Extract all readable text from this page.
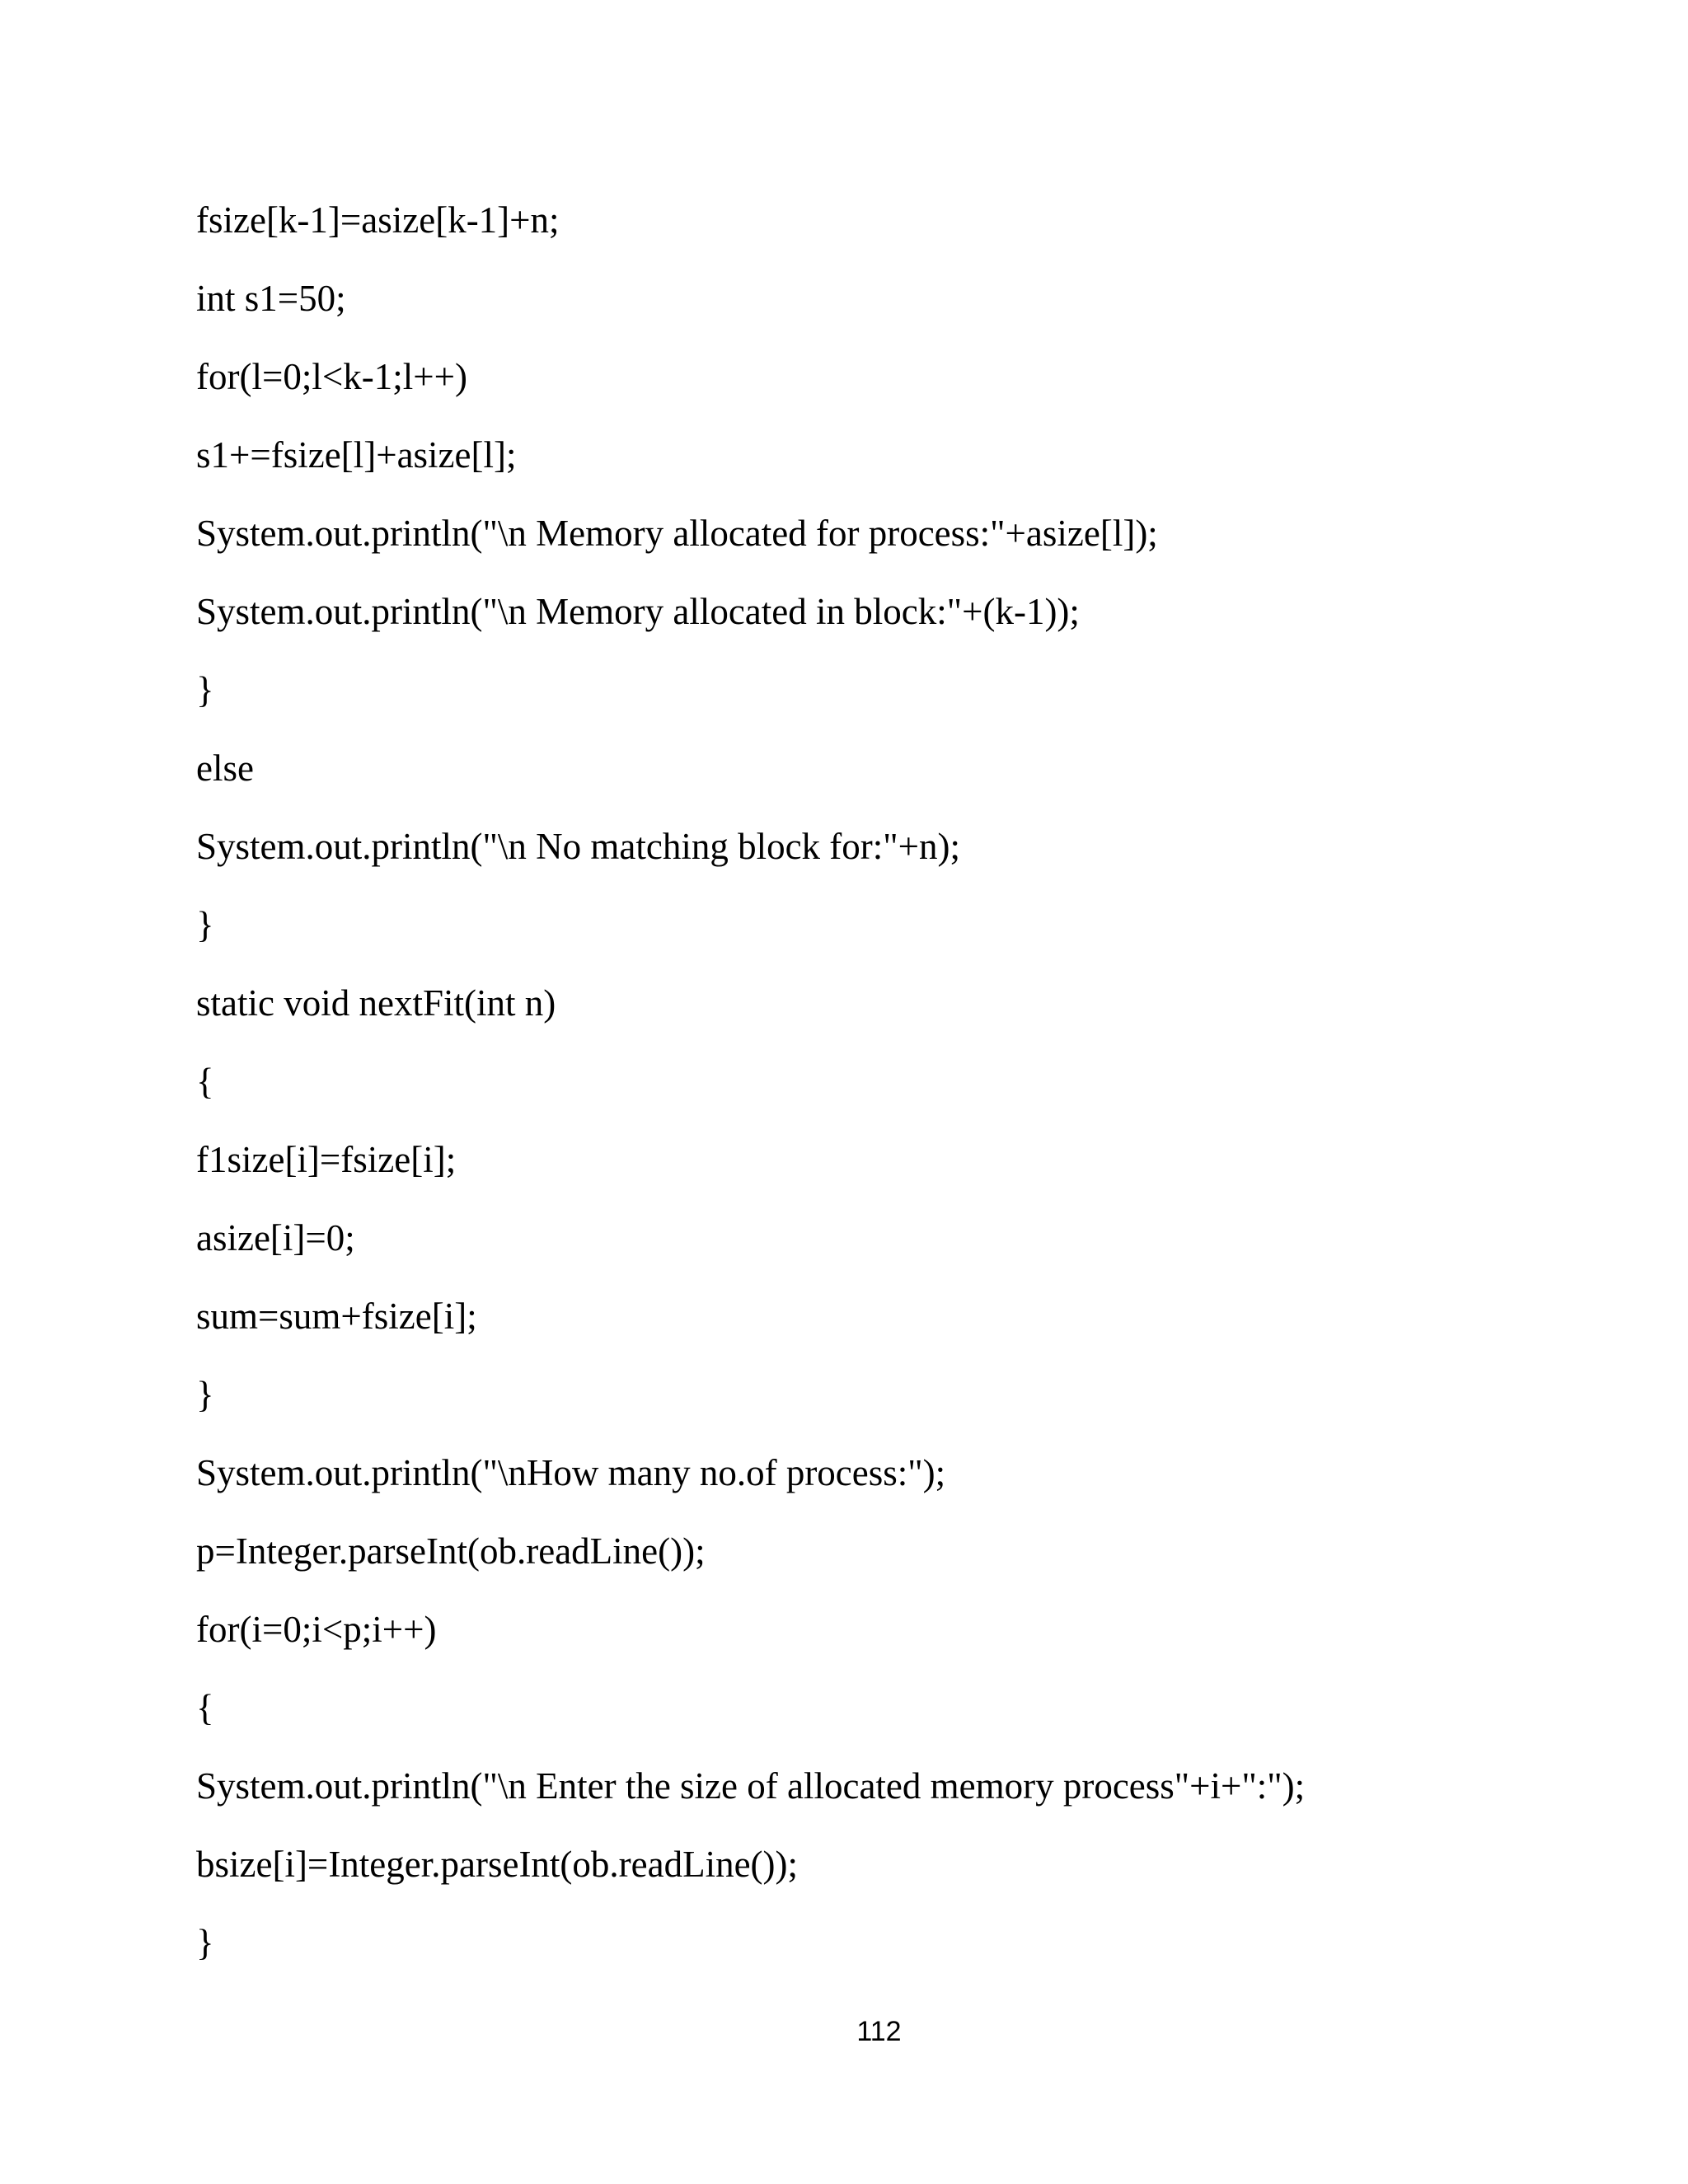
fsize[k-1]=asize[k-1]+n;
int s1=50;
for(l=0;l<k-1;l++)
s1+=fsize[l]+asize[l];
System.out.println("\n Memory allocated for process:"+asize[l]);
System.out.println("\n Memory allocated in block:"+(k-1));
}
else
System.out.println("\n No matching block for:"+n);
}
static void nextFit(int n)
{
f1size[i]=fsize[i];
asize[i]=0;
sum=sum+fsize[i];
}
System.out.println("\nHow many no.of process:");
p=Integer.parseInt(ob.readLine());
for(i=0;i<p;i++)
{
System.out.println("\n Enter the size of allocated memory process"+i+":");
bsize[i]=Integer.parseInt(ob.readLine());
}
112
